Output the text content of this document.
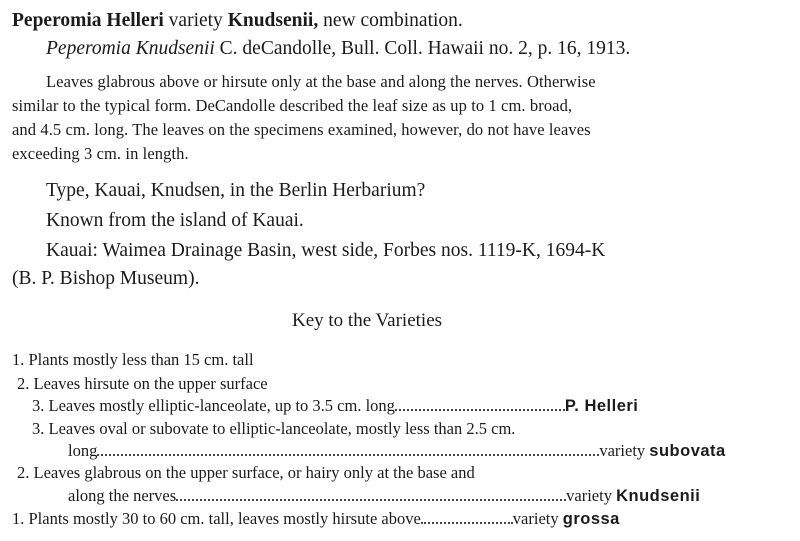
Peperomia Helleri variety Knudsenii, new combination.
Peperomia Knudsenii C. deCandolle, Bull. Coll. Hawaii no. 2, p. 16, 1913.
Leaves glabrous above or hirsute only at the base and along the nerves. Otherwise
similar to the typical form. DeCandolle described the leaf size as up to 1 cm. broad,
and 4.5 cm. long. The leaves on the specimens examined, however, do not have leaves
exceeding 3 cm. in length.
Type, Kauai, Knudsen, in the Berlin Herbarium?
Known from the island of Kauai.
Kauai: Waimea Drainage Basin, west side, Forbes nos. 1119-K, 1694-K
(B. P. Bishop Museum).
Key to the Varieties
1. Plants mostly less than 15 cm. tall
2. Leaves hirsute on the upper surface
3. Leaves mostly elliptic-lanceolate, up to 3.5 cm. long	P. Helleri
3. Leaves oval or subovate to elliptic-lanceolate, mostly less than 2.5 cm.
long	variety subovata
2. Leaves glabrous on the upper surface, or hairy only at the base and
along the nerves	variety Knudsenii
1. Plants mostly 30 to 60 cm. tall, leaves mostly hirsute above	variety grossa
